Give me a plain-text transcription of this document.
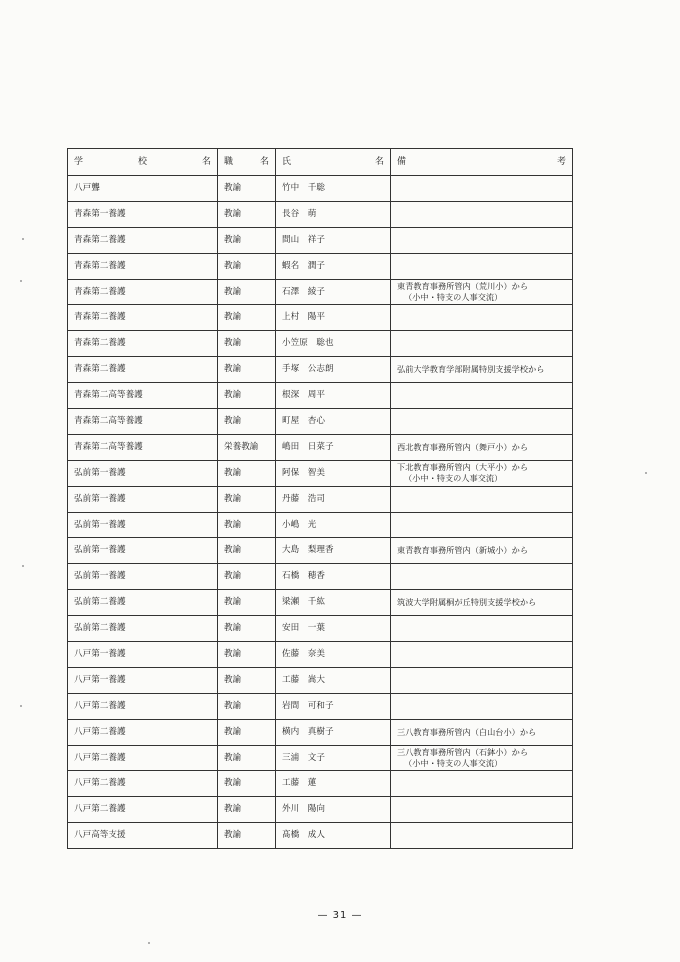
学 校 名	職 名	氏 名	備 考

八戸聾	教諭	竹中  千聡	
青森第一養護	教諭	長谷  萌	
青森第二養護	教諭	間山  祥子	
青森第二養護	教諭	蝦名  潤子	
青森第二養護	教諭	石澤  綾子	東青教育事務所管内（荒川小）から
（小中・特支の人事交流）

青森第二養護	教諭	上村  陽平	
青森第二養護	教諭	小笠原  聡也	
青森第二養護	教諭	手塚  公志朗	弘前大学教育学部附属特別支援学校から

青森第二高等養護	教諭	根深  周平	
青森第二高等養護	教諭	町屋  杏心	
青森第二高等養護	栄養教諭	嶋田  日菜子	西北教育事務所管内（舞戸小）から

弘前第一養護	教諭	阿保  智美	下北教育事務所管内（大平小）から
（小中・特支の人事交流）

弘前第一養護	教諭	丹藤  浩司	
弘前第一養護	教諭	小嶋  光	
弘前第一養護	教諭	大島  梨理香	東青教育事務所管内（新城小）から

弘前第一養護	教諭	石橋  穂香	
弘前第二養護	教諭	梁瀬  千紘	筑波大学附属桐が丘特別支援学校から

弘前第二養護	教諭	安田  一葉	
八戸第一養護	教諭	佐藤  奈美	
八戸第一養護	教諭	工藤  嵩大	
八戸第二養護	教諭	岩間  可和子	
八戸第二養護	教諭	横内  真樹子	三八教育事務所管内（白山台小）から

八戸第二養護	教諭	三浦  文子	三八教育事務所管内（石鉢小）から
（小中・特支の人事交流）

八戸第二養護	教諭	工藤  蓮	
八戸第二養護	教諭	外川  陽向	
八戸高等支援	教諭	髙橋  成人	
— 31 —
